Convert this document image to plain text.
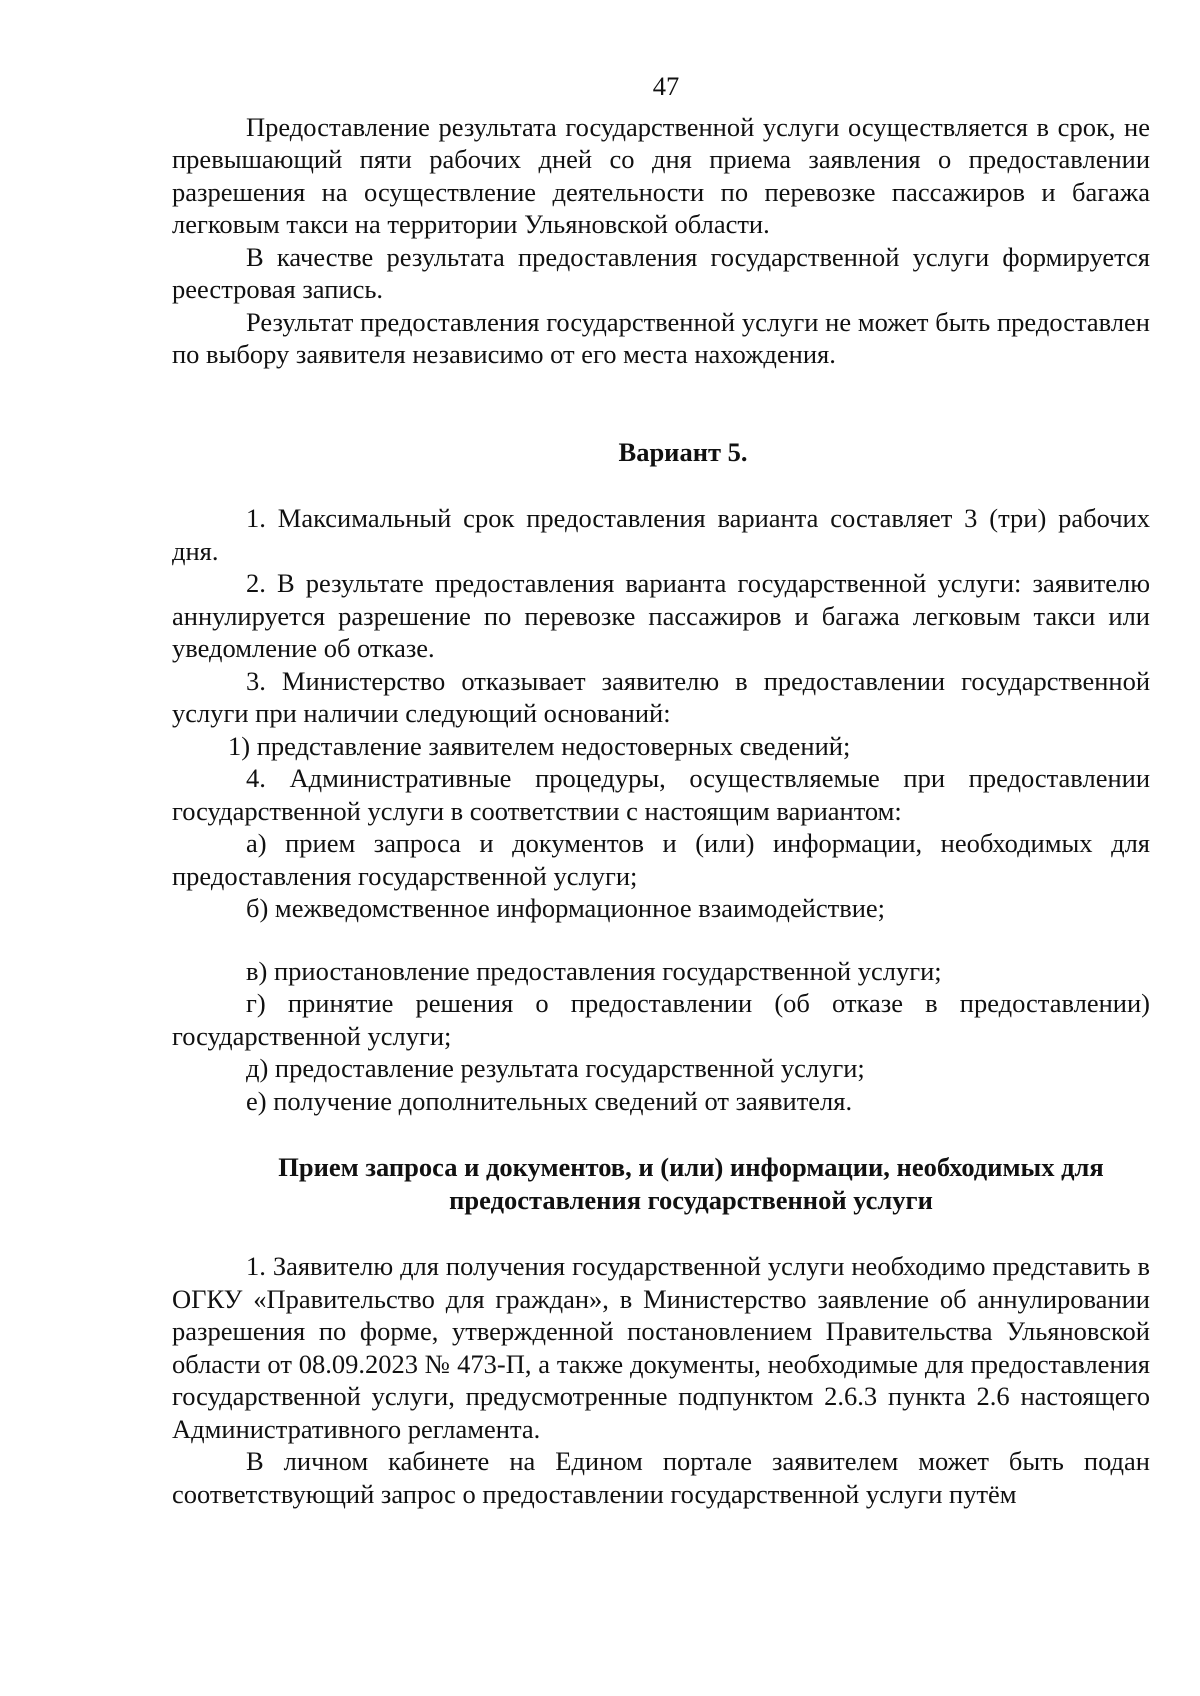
47

Предоставление результата государственной услуги осуществляется в срок, не превышающий пяти рабочих дней со дня приема заявления о предоставлении разрешения на осуществление деятельности по перевозке пассажиров и багажа легковым такси на территории Ульяновской области.

В качестве результата предоставления государственной услуги формируется реестровая запись.

Результат предоставления государственной услуги не может быть предоставлен по выбору заявителя независимо от его места нахождения.

Вариант 5.

1. Максимальный срок предоставления варианта составляет 3 (три) рабочих дня.

2. В результате предоставления варианта государственной услуги: заявителю аннулируется разрешение по перевозке пассажиров и багажа легковым такси или уведомление об отказе.

3. Министерство отказывает заявителю в предоставлении государственной услуги при наличии следующий оснований:

1) представление заявителем недостоверных сведений;

4. Административные процедуры, осуществляемые при предоставлении государственной услуги в соответствии с настоящим вариантом:

а) прием запроса и документов и (или) информации, необходимых для предоставления государственной услуги;

б) межведомственное информационное взаимодействие;

в) приостановление предоставления государственной услуги;

г) принятие решения о предоставлении (об отказе в предоставлении) государственной услуги;

д) предоставление результата государственной услуги;

е) получение дополнительных сведений от заявителя.

Прием запроса и документов, и (или) информации, необходимых для
предоставления государственной услуги

1. Заявителю для получения государственной услуги необходимо представить в ОГКУ «Правительство для граждан», в Министерство заявление об аннулировании разрешения по форме, утвержденной постановлением Правительства Ульяновской области от 08.09.2023 № 473-П, а также документы, необходимые для предоставления государственной услуги, предусмотренные подпунктом 2.6.3 пункта 2.6 настоящего Административного регламента.

В личном кабинете на Едином портале заявителем может быть подан соответствующий запрос о предоставлении государственной услуги путём
